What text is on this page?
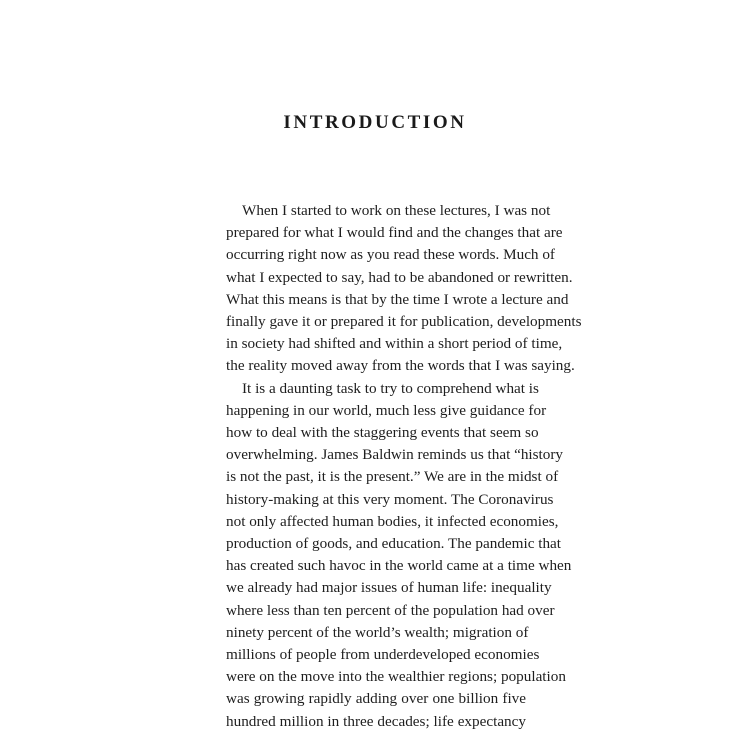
INTRODUCTION

When I started to work on these lectures, I was not
prepared for what I would find and the changes that are
occurring right now as you read these words. Much of
what I expected to say, had to be abandoned or rewritten.
What this means is that by the time I wrote a lecture and
finally gave it or prepared it for publication, developments
in society had shifted and within a short period of time,
the reality moved away from the words that I was saying.

It is a daunting task to try to comprehend what is
happening in our world, much less give guidance for
how to deal with the staggering events that seem so
overwhelming. James Baldwin reminds us that “history
is not the past, it is the present.” We are in the midst of
history-making at this very moment. The Coronavirus
not only affected human bodies, it infected economies,
production of goods, and education. The pandemic that
has created such havoc in the world came at a time when
we already had major issues of human life: inequality
where less than ten percent of the population had over
ninety percent of the world’s wealth; migration of
millions of people from underdeveloped economies
were on the move into the wealthier regions; population
was growing rapidly adding over one billion five
hundred million in three decades; life expectancy
